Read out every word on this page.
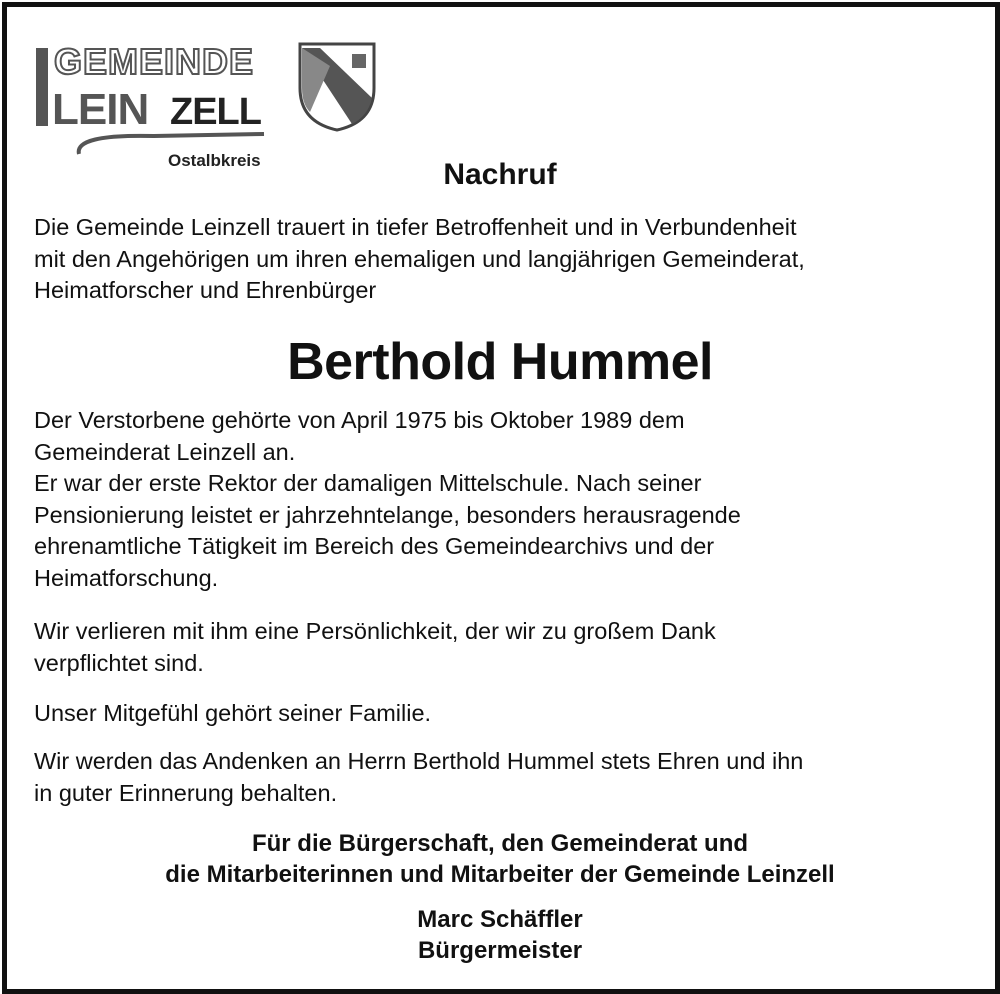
GEMEINDE
LEIN ZELL
Ostalbkreis	Nachruf

Die Gemeinde Leinzell trauert in tiefer Betroffenheit und in Verbundenheit
mit den Angehörigen um ihren ehemaligen und langjährigen Gemeinderat,
Heimatforscher und Ehrenbürger

Berthold Hummel

Der Verstorbene gehörte von April 1975 bis Oktober 1989 dem
Gemeinderat Leinzell an.
Er war der erste Rektor der damaligen Mittelschule. Nach seiner
Pensionierung leistet er jahrzehntelange, besonders herausragende
ehrenamtliche Tätigkeit im Bereich des Gemeindearchivs und der
Heimatforschung.

Wir verlieren mit ihm eine Persönlichkeit, der wir zu großem Dank
verpflichtet sind.

Unser Mitgefühl gehört seiner Familie.

Wir werden das Andenken an Herrn Berthold Hummel stets Ehren und ihn
in guter Erinnerung behalten.

Für die Bürgerschaft, den Gemeinderat und
die Mitarbeiterinnen und Mitarbeiter der Gemeinde Leinzell
Marc Schäffler
Bürgermeister
